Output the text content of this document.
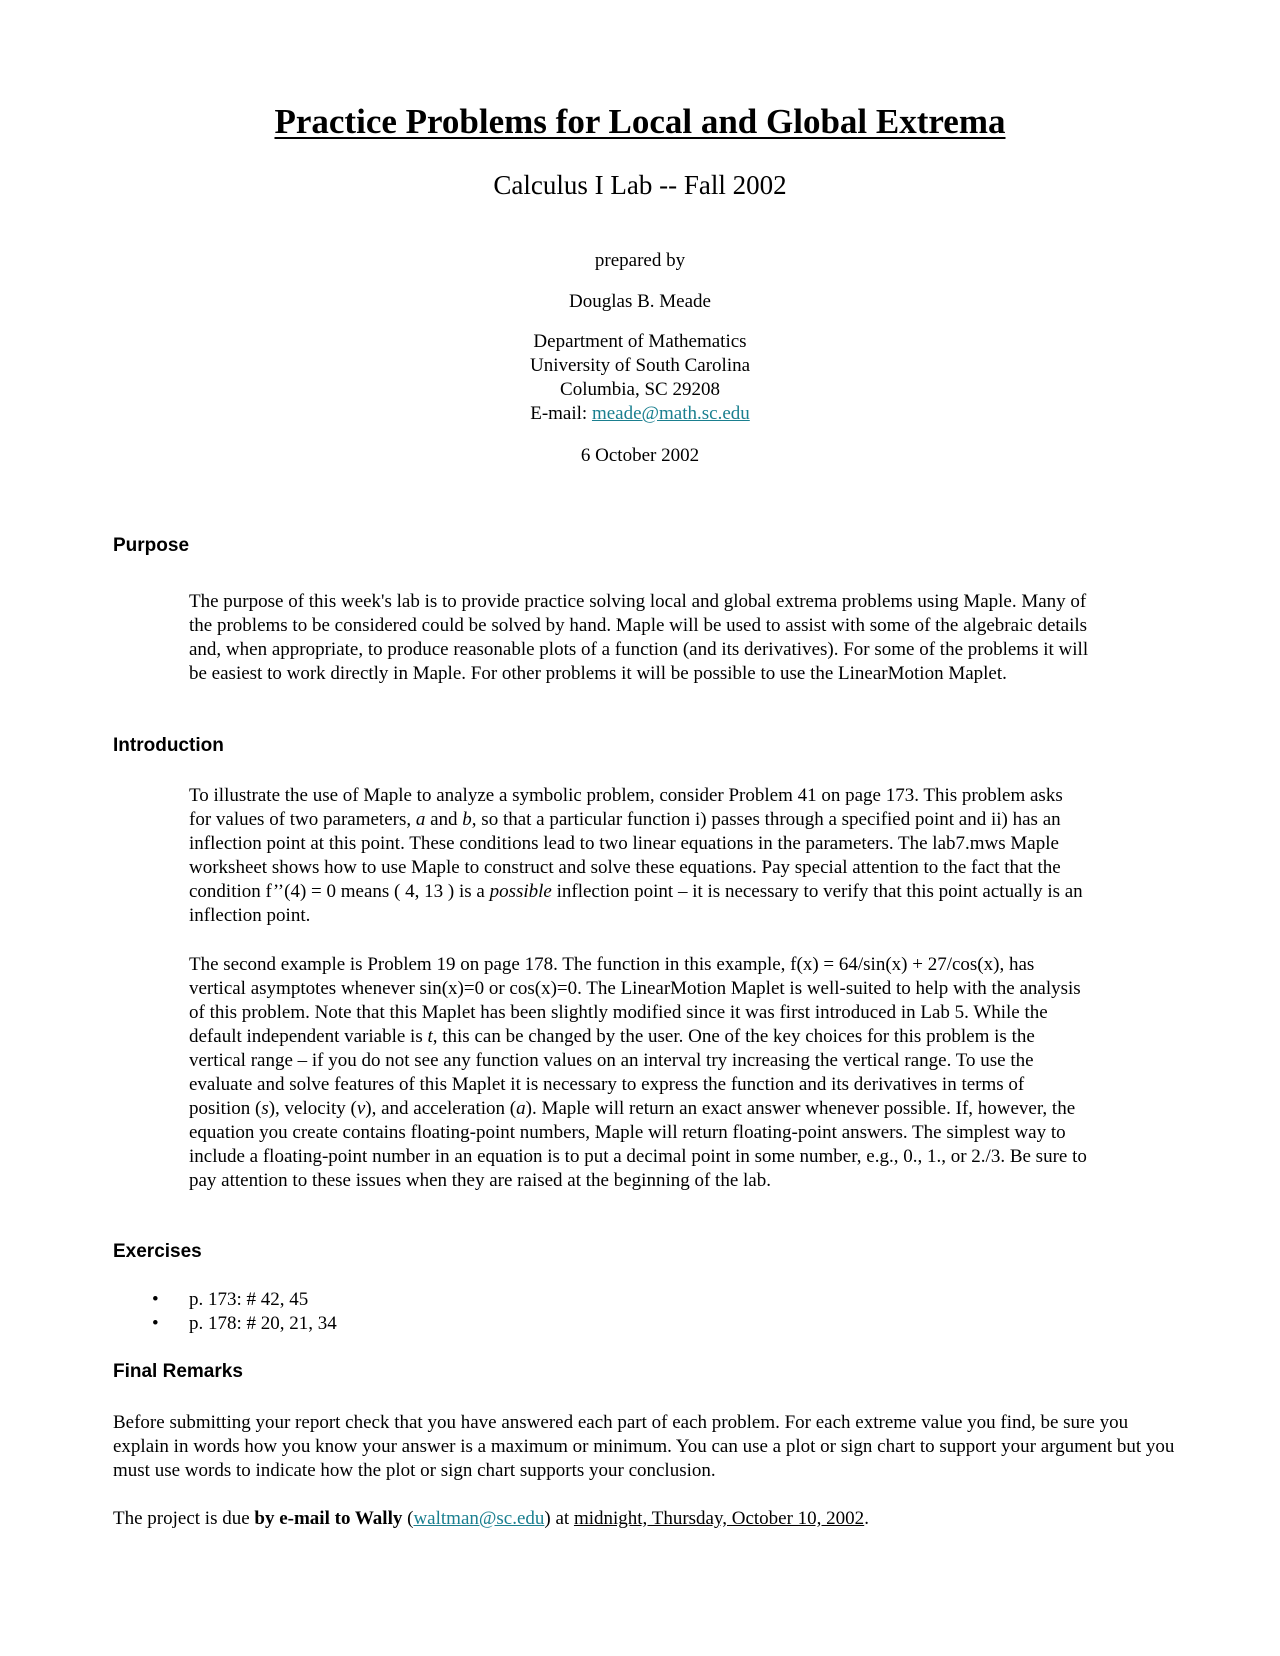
Practice Problems for Local and Global Extrema
Calculus I Lab -- Fall 2002
prepared by
Douglas B. Meade
Department of Mathematics
University of South Carolina
Columbia, SC 29208
E-mail: meade@math.sc.edu
6 October 2002
Purpose

The purpose of this week's lab is to provide practice solving local and global extrema problems using Maple. Many of the problems to be considered could be solved by hand. Maple will be used to assist with some of the algebraic details and, when appropriate, to produce reasonable plots of a function (and its derivatives). For some of the problems it will be easiest to work directly in Maple. For other problems it will be possible to use the LinearMotion Maplet.

Introduction

To illustrate the use of Maple to analyze a symbolic problem, consider Problem 41 on page 173. This problem asks for values of two parameters, a and b, so that a particular function i) passes through a specified point and ii) has an inflection point at this point. These conditions lead to two linear equations in the parameters. The lab7.mws Maple worksheet shows how to use Maple to construct and solve these equations. Pay special attention to the fact that the condition f’’(4) = 0 means ( 4, 13 ) is a possible inflection point – it is necessary to verify that this point actually is an inflection point.

The second example is Problem 19 on page 178. The function in this example, f(x) = 64/sin(x) + 27/cos(x), has vertical asymptotes whenever sin(x)=0 or cos(x)=0. The LinearMotion Maplet is well-suited to help with the analysis of this problem. Note that this Maplet has been slightly modified since it was first introduced in Lab 5. While the default independent variable is t, this can be changed by the user. One of the key choices for this problem is the vertical range – if you do not see any function values on an interval try increasing the vertical range. To use the evaluate and solve features of this Maplet it is necessary to express the function and its derivatives in terms of position (s), velocity (v), and acceleration (a). Maple will return an exact answer whenever possible. If, however, the equation you create contains floating-point numbers, Maple will return floating-point answers. The simplest way to include a floating-point number in an equation is to put a decimal point in some number, e.g., 0., 1., or 2./3. Be sure to pay attention to these issues when they are raised at the beginning of the lab.

Exercises
• p. 173: # 42, 45
• p. 178: # 20, 21, 34
Final Remarks

Before submitting your report check that you have answered each part of each problem. For each extreme value you find, be sure you explain in words how you know your answer is a maximum or minimum. You can use a plot or sign chart to support your argument but you must use words to indicate how the plot or sign chart supports your conclusion.

The project is due by e-mail to Wally (waltman@sc.edu) at midnight, Thursday, October 10, 2002.
